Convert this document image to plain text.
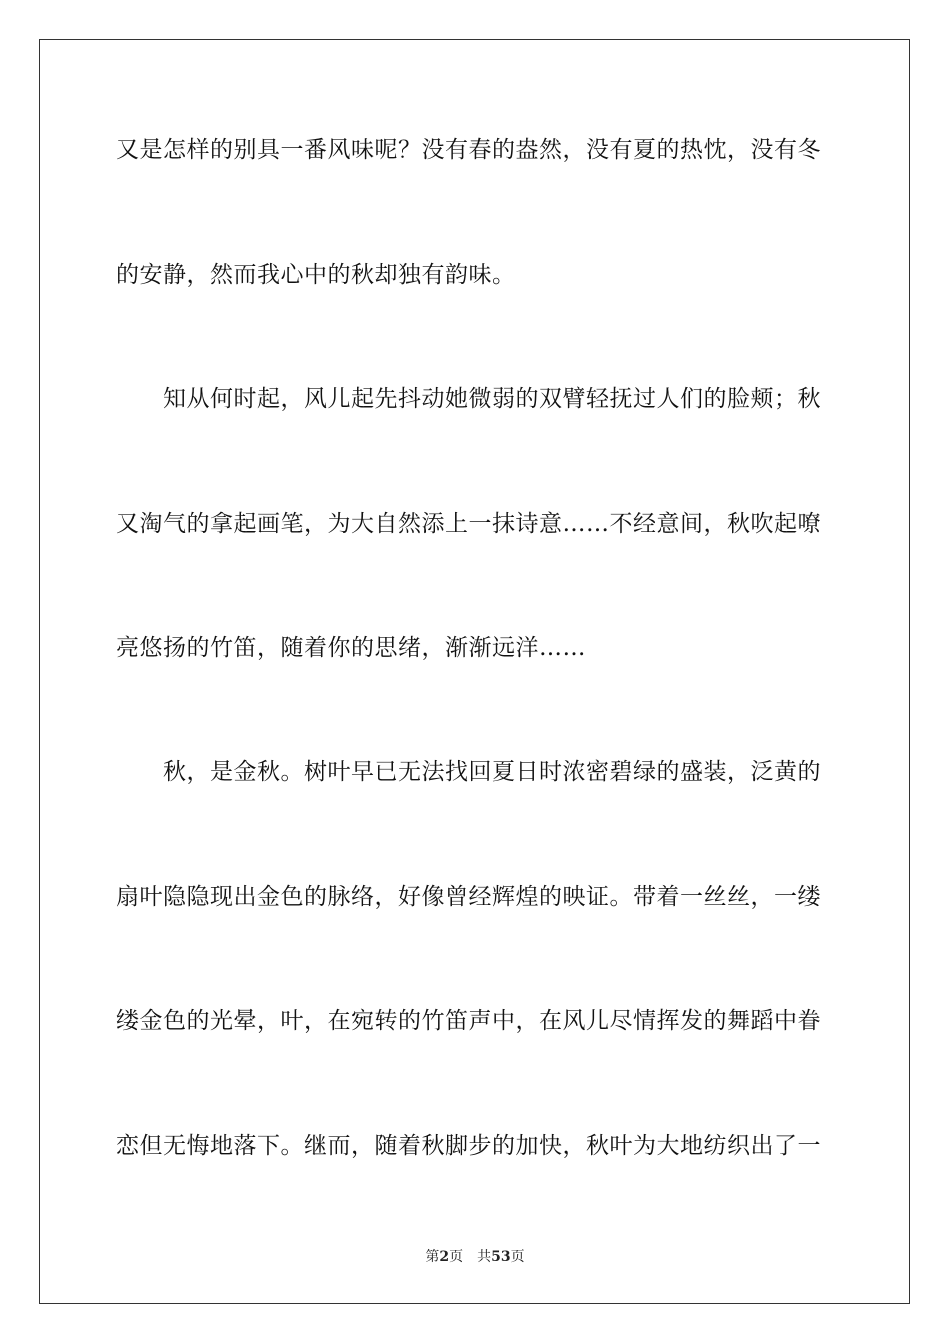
又是怎样的别具一番风味呢？没有春的盎然，没有夏的热忱，没有冬
的安静，然而我心中的秋却独有韵味。
　　知从何时起，风儿起先抖动她微弱的双臂轻抚过人们的脸颊；秋
又淘气的拿起画笔，为大自然添上一抹诗意……不经意间，秋吹起嘹
亮悠扬的竹笛，随着你的思绪，渐渐远洋……
　　秋，是金秋。树叶早已无法找回夏日时浓密碧绿的盛装，泛黄的
扇叶隐隐现出金色的脉络，好像曾经辉煌的映证。带着一丝丝，一缕
缕金色的光晕，叶，在宛转的竹笛声中，在风儿尽情挥发的舞蹈中眷
恋但无悔地落下。继而，随着秋脚步的加快，秋叶为大地纺织出了一
第2页 共53页
